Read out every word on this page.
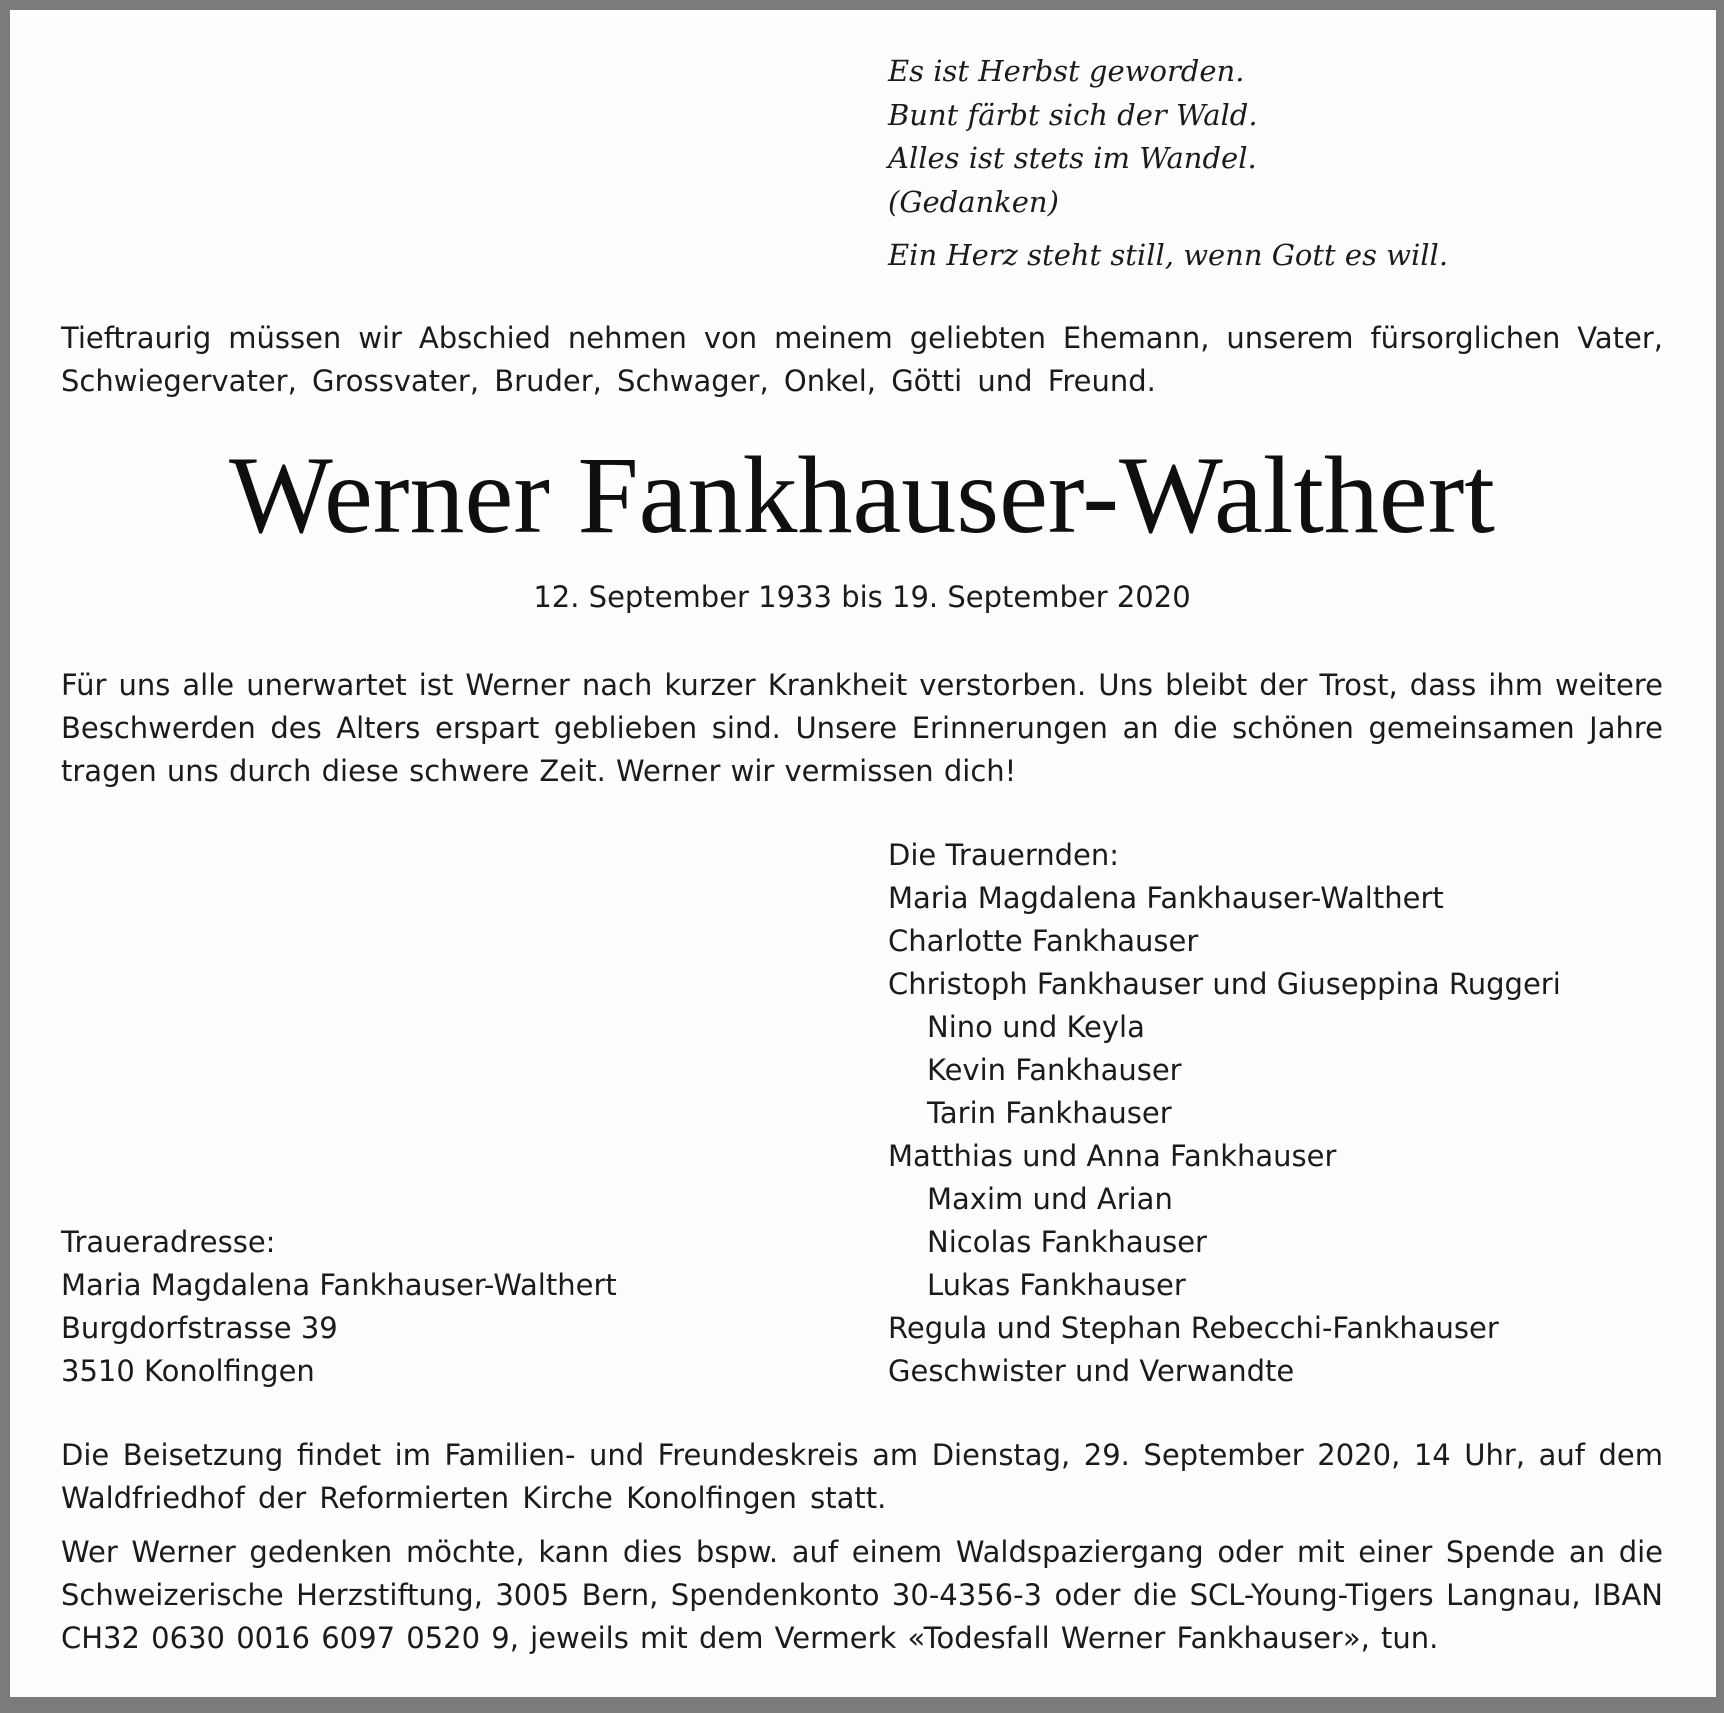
Es ist Herbst geworden.
Bunt färbt sich der Wald.
Alles ist stets im Wandel.
(Gedanken)
Ein Herz steht still, wenn Gott es will.
Tieftraurig müssen wir Abschied nehmen von meinem geliebten Ehemann, unserem fürsorglichen Vater, Schwiegervater, Grossvater, Bruder, Schwager, Onkel, Götti und Freund.
Werner Fankhauser-Walthert
12. September 1933 bis 19. September 2020
Für uns alle unerwartet ist Werner nach kurzer Krankheit verstorben. Uns bleibt der Trost, dass ihm weitere Beschwerden des Alters erspart geblieben sind. Unsere Erinnerungen an die schönen gemeinsamen Jahre tragen uns durch diese schwere Zeit. Werner wir vermissen dich!
Die Trauernden:
Maria Magdalena Fankhauser-Walthert
Charlotte Fankhauser
Christoph Fankhauser und Giuseppina Ruggeri
Nino und Keyla
Kevin Fankhauser
Tarin Fankhauser
Matthias und Anna Fankhauser
Maxim und Arian
Nicolas Fankhauser
Lukas Fankhauser
Regula und Stephan Rebecchi-Fankhauser
Geschwister und Verwandte
Traueradresse:
Maria Magdalena Fankhauser-Walthert
Burgdorfstrasse 39
3510 Konolfingen
Die Beisetzung findet im Familien- und Freundeskreis am Dienstag, 29. September 2020, 14 Uhr, auf dem Waldfriedhof der Reformierten Kirche Konolfingen statt.
Wer Werner gedenken möchte, kann dies bspw. auf einem Waldspaziergang oder mit einer Spende an die Schweizerische Herzstiftung, 3005 Bern, Spendenkonto 30-4356-3 oder die SCL-Young-Tigers Langnau, IBAN CH32 0630 0016 6097 0520 9, jeweils mit dem Vermerk «Todesfall Werner Fankhauser», tun.
